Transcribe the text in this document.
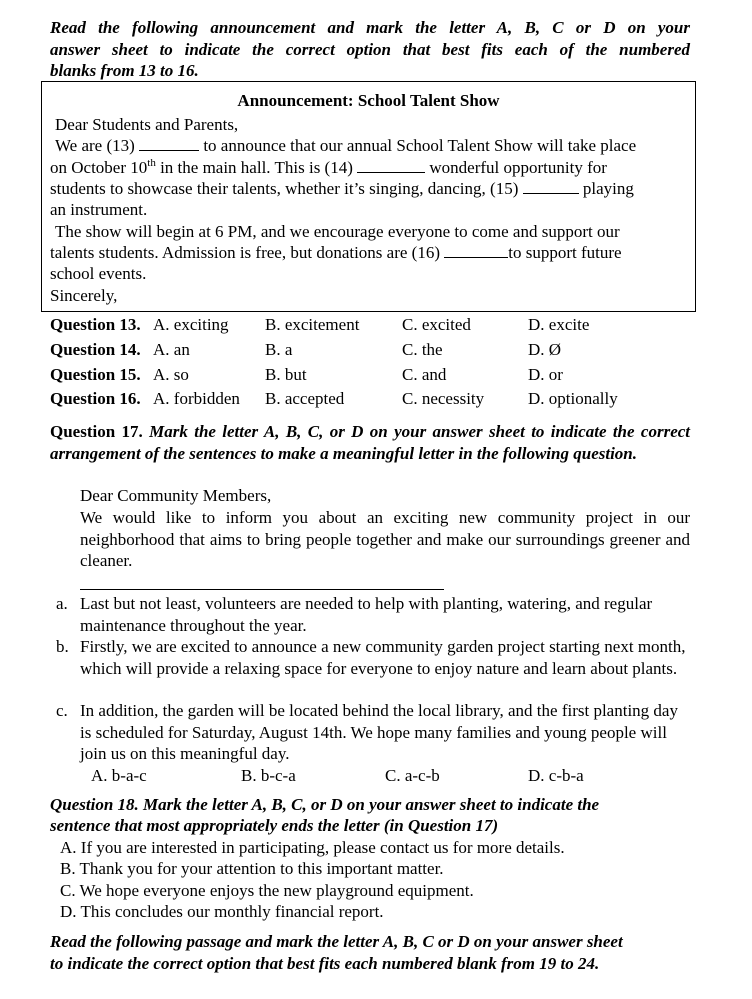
Read the following announcement and mark the letter A, B, C or D on your
answer sheet to indicate the correct option that best fits each of the numbered
blanks from 13 to 16.
Announcement: School Talent Show
Dear Students and Parents,
We are (13)	to announce that our annual School Talent Show will take place
on October 10th in the main hall. This is (14)	wonderful opportunity for
students to showcase their talents, whether it’s singing, dancing, (15)	playing
an instrument.
The show will begin at 6 PM, and we encourage everyone to come and support our
talents students. Admission is free, but donations are (16)	to support future
school events.
Sincerely,
Question 13. A. exciting B. excitement	C. excited	D. excite
Question 14. A. an	B. a	C. the	D. Ø
Question 15. A. so	B. but	C. and	D. or
Question 16. A. forbidden B. accepted	C. necessity	D. optionally
Question 17. Mark the letter A, B, C, or D on your answer sheet to indicate the correct arrangement of the sentences to make a meaningful letter in the following question.
Dear Community Members,
We would like to inform you about an exciting new community project in our neighborhood that aims to bring people together and make our surroundings greener and cleaner.
a. Last but not least, volunteers are needed to help with planting, watering, and regular maintenance throughout the year.
b. Firstly, we are excited to announce a new community garden project starting next month, which will provide a relaxing space for everyone to enjoy nature and learn about plants.
c. In addition, the garden will be located behind the local library, and the first planting day is scheduled for Saturday, August 14th. We hope many families and young people will join us on this meaningful day.
A. b-a-c	B. b-c-a	C. a-c-b	D. c-b-a
Question 18. Mark the letter A, B, C, or D on your answer sheet to indicate the
sentence that most appropriately ends the letter (in Question 17)
A. If you are interested in participating, please contact us for more details.
B. Thank you for your attention to this important matter.
C. We hope everyone enjoys the new playground equipment.
D. This concludes our monthly financial report.
Read the following passage and mark the letter A, B, C or D on your answer sheet
to indicate the correct option that best fits each numbered blank from 19 to 24.
